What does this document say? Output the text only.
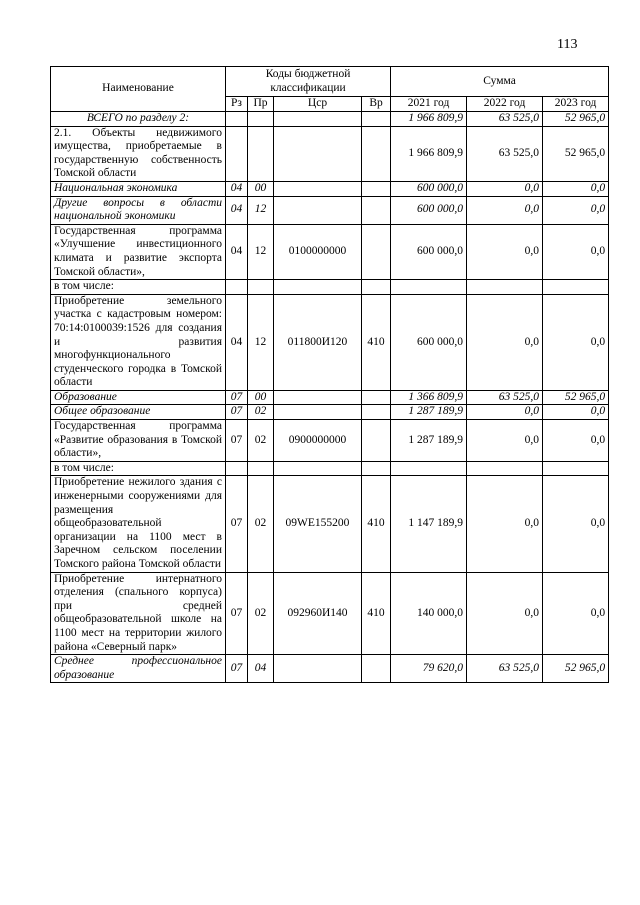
113
Наименование	Коды бюджетной классификации				Сумма		
	Рз	Пр	Цср	Вр	2021 год	2022 год	2023 год
ВСЕГО по разделу 2:					1 966 809,9	63 525,0	52 965,0
2.1. Объекты недвижимого имущества, приобретаемые в государственную собственность Томской области					1 966 809,9	63 525,0	52 965,0
Национальная экономика	04	00			600 000,0	0,0	0,0
Другие вопросы в области национальной экономики	04	12			600 000,0	0,0	0,0
Государственная программа «Улучшение инвестиционного климата и развитие экспорта Томской области»,	04	12	0100000000		600 000,0	0,0	0,0
в том числе:							
Приобретение земельного участка с кадастровым номером: 70:14:0100039:1526 для создания и развития многофункционального студенческого городка в Томской области	04	12	011800И120	410	600 000,0	0,0	0,0
Образование	07	00			1 366 809,9	63 525,0	52 965,0
Общее образование	07	02			1 287 189,9	0,0	0,0
Государственная программа «Развитие образования в Томской области»,	07	02	0900000000		1 287 189,9	0,0	0,0
в том числе:							
Приобретение нежилого здания с инженерными сооружениями для размещения общеобразовательной организации на 1100 мест в Заречном сельском поселении Томского района Томской области	07	02	09WE155200	410	1 147 189,9	0,0	0,0
Приобретение интернатного отделения (спального корпуса) при средней общеобразовательной школе на 1100 мест на территории жилого района «Северный парк»	07	02	092960И140	410	140 000,0	0,0	0,0
Среднее профессиональное образование	07	04			79 620,0	63 525,0	52 965,0
